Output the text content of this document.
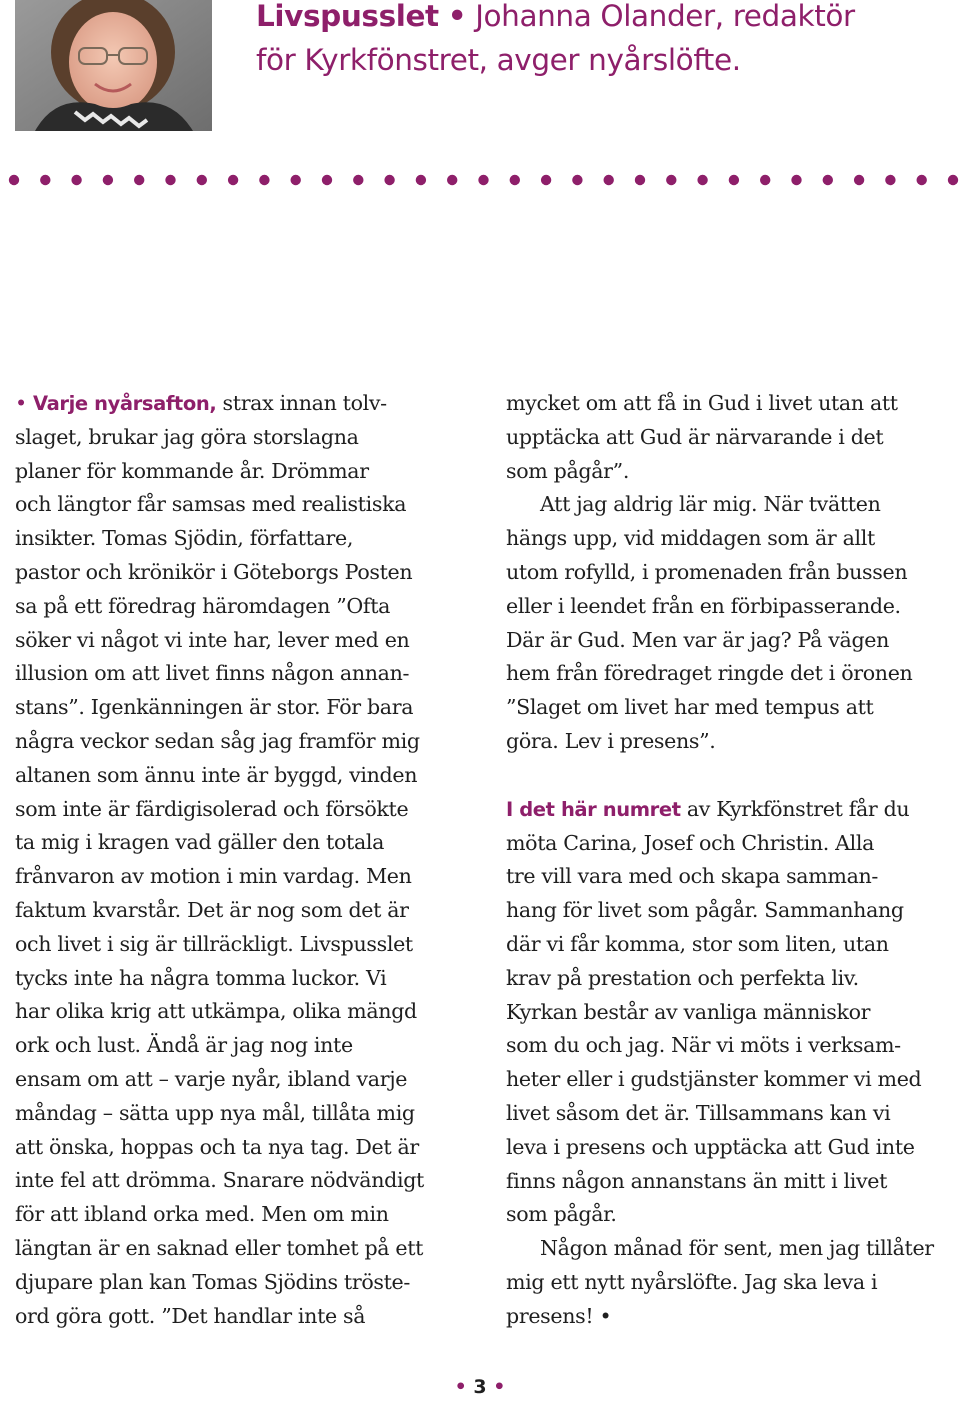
Livspusslet • Johanna Olander, redaktör
för Kyrkfönstret, avger nyårslöfte.

• Varje nyårsafton, strax innan tolv-
slaget, brukar jag göra storslagna
planer för kommande år. Drömmar
och längtor får samsas med realistiska
insikter. Tomas Sjödin, författare,
pastor och krönikör i Göteborgs Posten
sa på ett föredrag häromdagen ”Ofta
söker vi något vi inte har, lever med en
illusion om att livet finns någon annan-
stans”. Igenkänningen är stor. För bara
några veckor sedan såg jag framför mig
altanen som ännu inte är byggd, vinden
som inte är färdigisolerad och försökte
ta mig i kragen vad gäller den totala
frånvaron av motion i min vardag. Men
faktum kvarstår. Det är nog som det är
och livet i sig är tillräckligt. Livspusslet
tycks inte ha några tomma luckor. Vi
har olika krig att utkämpa, olika mängd
ork och lust. Ändå är jag nog inte
ensam om att – varje nyår, ibland varje
måndag – sätta upp nya mål, tillåta mig
att önska, hoppas och ta nya tag. Det är
inte fel att drömma. Snarare nödvändigt
för att ibland orka med. Men om min
längtan är en saknad eller tomhet på ett
djupare plan kan Tomas Sjödins tröste-
ord göra gott. ”Det handlar inte så

mycket om att få in Gud i livet utan att
upptäcka att Gud är närvarande i det
som pågår”.
Att jag aldrig lär mig. När tvätten
hängs upp, vid middagen som är allt
utom rofylld, i promenaden från bussen
eller i leendet från en förbipasserande.
Där är Gud. Men var är jag? På vägen
hem från föredraget ringde det i öronen
”Slaget om livet har med tempus att
göra. Lev i presens”.
I det här numret av Kyrkfönstret får du
möta Carina, Josef och Christin. Alla
tre vill vara med och skapa samman-
hang för livet som pågår. Sammanhang
där vi får komma, stor som liten, utan
krav på prestation och perfekta liv.
Kyrkan består av vanliga människor
som du och jag. När vi möts i verksam-
heter eller i gudstjänster kommer vi med
livet såsom det är. Tillsammans kan vi
leva i presens och upptäcka att Gud inte
finns någon annanstans än mitt i livet
som pågår.
Någon månad för sent, men jag tillåter
mig ett nytt nyårslöfte. Jag ska leva i
presens! •
• 3 •
